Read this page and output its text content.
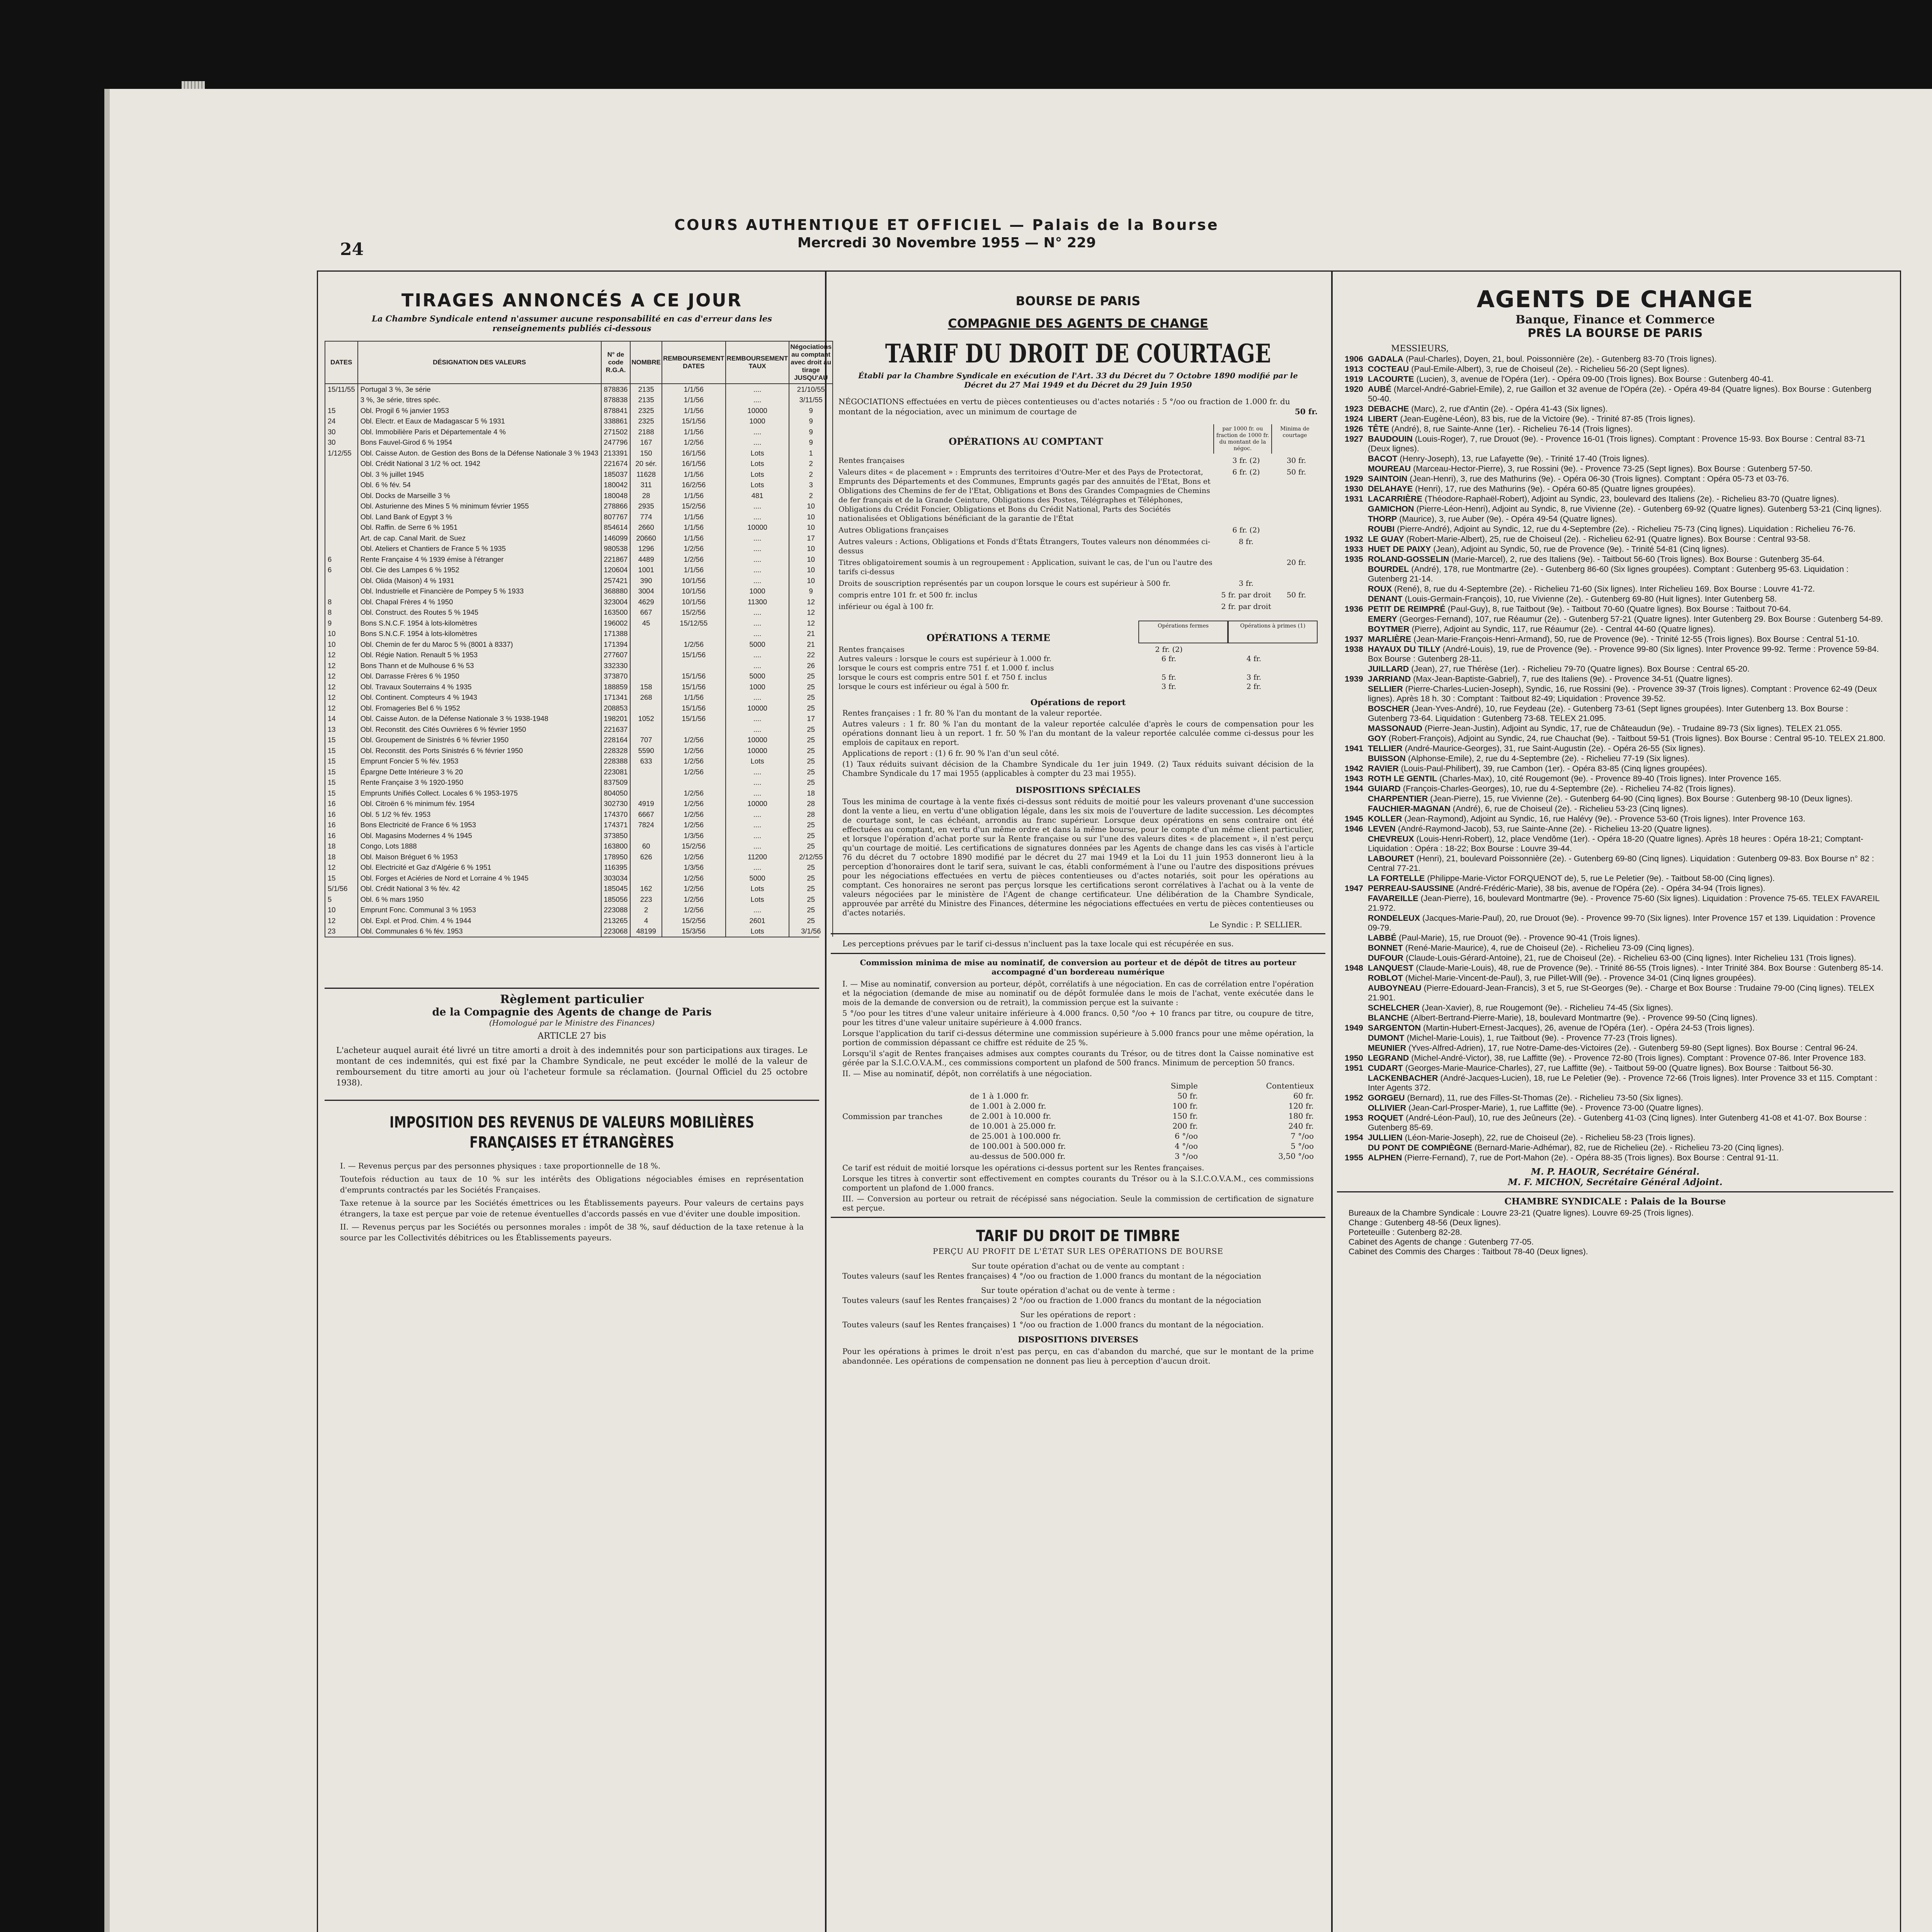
COURS AUTHENTIQUE ET OFFICIEL — Palais de la Bourse
Mercredi 30 Novembre 1955 — N° 229
24
TIRAGES ANNONCÉS A CE JOUR
La Chambre Syndicale entend n'assumer aucune responsabilité en cas d'erreur dans les renseignements publiés ci-dessous
DATES	DÉSIGNATION DES VALEURS	N° de code R.G.A.	NOMBRE	REMBOURSEMENT DATES	REMBOURSEMENT TAUX	Négociations au comptant avec droit au tirage JUSQU'AU
15/11/55	Portugal 3 %, 3e série	878836	2135	1/1/56	....	21/10/55
	3 %, 3e série, titres spéc.	878838	2135	1/1/56	....	3/11/55
15	Obl. Progil 6 % janvier 1953	878841	2325	1/1/56	10000	9
24	Obl. Electr. et Eaux de Madagascar 5 % 1931	338861	2325	15/1/56	1000	9
30	Obl. Immobilière Paris et Départementale 4 %	271502	2188	1/1/56	....	9
30	Bons Fauvel-Girod 6 % 1954	247796	167	1/2/56	....	9
1/12/55	Obl. Caisse Auton. de Gestion des Bons de la Défense Nationale 3 % 1943	213391	150	16/1/56	Lots	1
	Obl. Crédit National 3 1/2 % oct. 1942	221674	20 sér.	16/1/56	Lots	2
	Obl. 3 % juillet 1945	185037	11628	1/1/56	Lots	2
	Obl. 6 % fév. 54	180042	311	16/2/56	Lots	3
	Obl. Docks de Marseille 3 %	180048	28	1/1/56	481	2
	Obl. Asturienne des Mines 5 % minimum février 1955	278866	2935	15/2/56	....	10
	Obl. Land Bank of Egypt 3 %	807767	774	1/1/56	....	10
	Obl. Raffin. de Serre 6 % 1951	854614	2660	1/1/56	10000	10
	Art. de cap. Canal Marit. de Suez	146099	20660	1/1/56	....	17
	Obl. Ateliers et Chantiers de France 5 % 1935	980538	1296	1/2/56	....	10
6	Rente Française 4 % 1939 émise à l'étranger	221867	4489	1/2/56	....	10
6	Obl. Cie des Lampes 6 % 1952	120604	1001	1/1/56	....	10
	Obl. Olida (Maison) 4 % 1931	257421	390	10/1/56	....	10
	Obl. Industrielle et Financière de Pompey 5 % 1933	368880	3004	10/1/56	1000	9
8	Obl. Chapal Frères 4 % 1950	323004	4629	10/1/56	11300	12
8	Obl. Construct. des Routes 5 % 1945	163500	667	15/2/56	....	12
9	Bons S.N.C.F. 1954 à lots-kilomètres	196002	45	15/12/55	....	12
10	Bons S.N.C.F. 1954 à lots-kilomètres	171388			....	21
10	Obl. Chemin de fer du Maroc 5 % (8001 à 8337)	171394		1/2/56	5000	21
12	Obl. Régie Nation. Renault 5 % 1953	277607		15/1/56	....	22
12	Bons Thann et de Mulhouse 6 % 53	332330			....	26
12	Obl. Darrasse Frères 6 % 1950	373870		15/1/56	5000	25
12	Obl. Travaux Souterrains 4 % 1935	188859	158	15/1/56	1000	25
12	Obl. Continent. Compteurs 4 % 1943	171341	268	1/1/56	....	25
12	Obl. Fromageries Bel 6 % 1952	208853		15/1/56	10000	25
14	Obl. Caisse Auton. de la Défense Nationale 3 % 1938-1948	198201	1052	15/1/56	....	17
13	Obl. Reconstit. des Cités Ouvrières 6 % février 1950	221637			....	25
15	Obl. Groupement de Sinistrés 6 % février 1950	228164	707	1/2/56	10000	25
15	Obl. Reconstit. des Ports Sinistrés 6 % février 1950	228328	5590	1/2/56	10000	25
15	Emprunt Foncier 5 % fév. 1953	228388	633	1/2/56	Lots	25
15	Épargne Dette Intérieure 3 % 20	223081		1/2/56	....	25
15	Rente Française 3 % 1920-1950	837509			....	25
15	Emprunts Unifiés Collect. Locales 6 % 1953-1975	804050		1/2/56	....	18
16	Obl. Citroën 6 % minimum fév. 1954	302730	4919	1/2/56	10000	28
16	Obl. 5 1/2 % fév. 1953	174370	6667	1/2/56	....	28
16	Bons Electricité de France 6 % 1953	174371	7824	1/2/56	....	25
16	Obl. Magasins Modernes 4 % 1945	373850		1/3/56	....	25
18	Congo, Lots 1888	163800	60	15/2/56	....	25
18	Obl. Maison Bréguet 6 % 1953	178950	626	1/2/56	11200	2/12/55
12	Obl. Electricité et Gaz d'Algérie 6 % 1951	116395		1/3/56	....	25
15	Obl. Forges et Aciéries de Nord et Lorraine 4 % 1945	303034		1/2/56	5000	25
5/1/56	Obl. Crédit National 3 % fév. 42	185045	162	1/2/56	Lots	25
5	Obl. 6 % mars 1950	185056	223	1/2/56	Lots	25
10	Emprunt Fonc. Communal 3 % 1953	223088	2	1/2/56	....	25
12	Obl. Expl. et Prod. Chim. 4 % 1944	213265	4	15/2/56	2601	25
23	Obl. Communales 6 % fév. 1953	223068	48199	15/3/56	Lots	3/1/56
Règlement particulier
de la Compagnie des Agents de change de Paris
(Homologué par le Ministre des Finances)
ARTICLE 27 bis
L'acheteur auquel aurait été livré un titre amorti a droit à des indemnités pour son participations aux tirages. Le montant de ces indemnités, qui est fixé par la Chambre Syndicale, ne peut excéder le mollé de la valeur de remboursement du titre amorti au jour où l'acheteur formule sa réclamation. (Journal Officiel du 25 octobre 1938).
IMPOSITION DES REVENUS DE VALEURS MOBILIÈRES FRANÇAISES ET ÉTRANGÈRES
I. — Revenus perçus par des personnes physiques : taxe proportionnelle de 18 %.
Toutefois réduction au taux de 10 % sur les intérêts des Obligations négociables émises en représentation d'emprunts contractés par les Sociétés Françaises.
Taxe retenue à la source par les Sociétés émettrices ou les Établissements payeurs. Pour valeurs de certains pays étrangers, la taxe est perçue par voie de retenue éventuelles d'accords passés en vue d'éviter une double imposition.
II. — Revenus perçus par les Sociétés ou personnes morales : impôt de 38 %, sauf déduction de la taxe retenue à la source par les Collectivités débitrices ou les Établissements payeurs.
BOURSE DE PARIS
COMPAGNIE DES AGENTS DE CHANGE
TARIF DU DROIT DE COURTAGE
Établi par la Chambre Syndicale en exécution de l'Art. 33 du Décret du 7 Octobre 1890 modifié par le Décret du 27 Mai 1949 et du Décret du 29 Juin 1950
NÉGOCIATIONS effectuées en vertu de pièces contentieuses ou d'actes notariés : 5 °/oo ou fraction de 1.000 fr. du montant de la négociation, avec un minimum de courtage de	50 fr.
OPÉRATIONS AU COMPTANT
par 1000 fr. ou fraction de 1000 fr. du montant de la négoc.
Minima de courtage
Rentes françaises	3 fr. (2)	30 fr.
Valeurs dites « de placement » : Emprunts des territoires d'Outre-Mer et des Pays de Protectorat, Emprunts des Départements et des Communes, Emprunts gagés par des annuités de l'Etat, Bons et Obligations des Chemins de fer de l'Etat, Obligations et Bons des Grandes Compagnies de Chemins de fer français et de la Grande Ceinture, Obligations des Postes, Télégraphes et Téléphones, Obligations du Crédit Foncier, Obligations et Bons du Crédit National, Parts des Sociétés nationalisées et Obligations bénéficiant de la garantie de l'État
6 fr. (2)	50 fr.
Autres Obligations françaises	6 fr. (2)
Autres valeurs : Actions, Obligations et Fonds d'États Étrangers, Toutes valeurs non dénommées ci-dessus
8 fr.
Titres obligatoirement soumis à un regroupement : Application, suivant le cas, de l'un ou l'autre des tarifs ci-dessus
20 fr.
Droits de souscription représentés par un coupon lorsque le cours est supérieur à 500 fr.	3 fr.
compris entre 101 fr. et 500 fr. inclus	5 fr. par droit	50 fr.
inférieur ou égal à 100 fr.	2 fr. par droit
OPÉRATIONS A TERME
Opérations fermes	Opérations à primes (1)
Rentes françaises	2 fr. (2)
Autres valeurs : lorsque le cours est supérieur à 1.000 fr.	6 fr.	4 fr.
lorsque le cours est compris entre 751 f. et 1.000 f. inclus
lorsque le cours est compris entre 501 f. et 750 f. inclus	5 fr.	3 fr.
lorsque le cours est inférieur ou égal à 500 fr.	3 fr.	2 fr.
Opérations de report
Rentes françaises : 1 fr. 80 % l'an du montant de la valeur reportée.
Autres valeurs : 1 fr. 80 % l'an du montant de la valeur reportée calculée d'après le cours de compensation pour les opérations donnant lieu à un report. 1 fr. 50 % l'an du montant de la valeur reportée calculée comme ci-dessus pour les emplois de capitaux en report.
Applications de report : (1) 6 fr. 90 % l'an d'un seul côté.
(1) Taux réduits suivant décision de la Chambre Syndicale du 1er juin 1949. (2) Taux réduits suivant décision de la Chambre Syndicale du 17 mai 1955 (applicables à compter du 23 mai 1955).
DISPOSITIONS SPÉCIALES
Tous les minima de courtage à la vente fixés ci-dessus sont réduits de moitié pour les valeurs provenant d'une succession dont la vente a lieu, en vertu d'une obligation légale, dans les six mois de l'ouverture de ladite succession. Les décomptes de courtage sont, le cas échéant, arrondis au franc supérieur. Lorsque deux opérations en sens contraire ont été effectuées au comptant, en vertu d'un même ordre et dans la même bourse, pour le compte d'un même client particulier, et lorsque l'opération d'achat porte sur la Rente française ou sur l'une des valeurs dites « de placement », il n'est perçu qu'un courtage de moitié. Les certifications de signatures données par les Agents de change dans les cas visés à l'article 76 du décret du 7 octobre 1890 modifié par le décret du 27 mai 1949 et la Loi du 11 juin 1953 donneront lieu à la perception d'honoraires dont le tarif sera, suivant le cas, établi conformément à l'une ou l'autre des dispositions prévues pour les négociations effectuées en vertu de pièces contentieuses ou d'actes notariés, soit pour les opérations au comptant. Ces honoraires ne seront pas perçus lorsque les certifications seront corrélatives à l'achat ou à la vente de valeurs négociées par le ministère de l'Agent de change certificateur. Une délibération de la Chambre Syndicale, approuvée par arrêté du Ministre des Finances, détermine les négociations effectuées en vertu de pièces contentieuses ou d'actes notariés.
Le Syndic : P. SELLIER.
Les perceptions prévues par le tarif ci-dessus n'incluent pas la taxe locale qui est récupérée en sus.
Commission minima de mise au nominatif, de conversion au porteur et de dépôt de titres au porteur accompagné d'un bordereau numérique
I. — Mise au nominatif, conversion au porteur, dépôt, corrélatifs à une négociation. En cas de corrélation entre l'opération et la négociation (demande de mise au nominatif ou de dépôt formulée dans le mois de l'achat, vente exécutée dans le mois de la demande de conversion ou de retrait), la commission perçue est la suivante :
5 °/oo pour les titres d'une valeur unitaire inférieure à 4.000 francs. 0,50 °/oo + 10 francs par titre, ou coupure de titre, pour les titres d'une valeur unitaire supérieure à 4.000 francs.
Lorsque l'application du tarif ci-dessus détermine une commission supérieure à 5.000 francs pour une même opération, la portion de commission dépassant ce chiffre est réduite de 25 %.
Lorsqu'il s'agit de Rentes françaises admises aux comptes courants du Trésor, ou de titres dont la Caisse nominative est gérée par la S.I.C.O.V.A.M., ces commissions comportent un plafond de 500 francs. Minimum de perception 50 francs.
II. — Mise au nominatif, dépôt, non corrélatifs à une négociation.
Commission par tranches
Simple	Contentieux
de 1 à 1.000 fr.	50 fr.	60 fr.
de 1.001 à 2.000 fr.	100 fr.	120 fr.
de 2.001 à 10.000 fr.	150 fr.	180 fr.
de 10.001 à 25.000 fr.	200 fr.	240 fr.
de 25.001 à 100.000 fr.	6 °/oo	7 °/oo
de 100.001 à 500.000 fr.	4 °/oo	5 °/oo
au-dessus de 500.000 fr.	3 °/oo	3,50 °/oo
Ce tarif est réduit de moitié lorsque les opérations ci-dessus portent sur les Rentes françaises.
Lorsque les titres à convertir sont effectivement en comptes courants du Trésor ou à la S.I.C.O.V.A.M., ces commissions comportent un plafond de 1.000 francs.
III. — Conversion au porteur ou retrait de récépissé sans négociation. Seule la commission de certification de signature est perçue.
TARIF DU DROIT DE TIMBRE
PERÇU AU PROFIT DE L'ÉTAT SUR LES OPÉRATIONS DE BOURSE
Sur toute opération d'achat ou de vente au comptant :
Toutes valeurs (sauf les Rentes françaises) 4 °/oo ou fraction de 1.000 francs du montant de la négociation
Sur toute opération d'achat ou de vente à terme :
Toutes valeurs (sauf les Rentes françaises) 2 °/oo ou fraction de 1.000 francs du montant de la négociation
Sur les opérations de report :
Toutes valeurs (sauf les Rentes françaises) 1 °/oo ou fraction de 1.000 francs du montant de la négociation.
DISPOSITIONS DIVERSES
Pour les opérations à primes le droit n'est pas perçu, en cas d'abandon du marché, que sur le montant de la prime abandonnée. Les opérations de compensation ne donnent pas lieu à perception d'aucun droit.
AGENTS DE CHANGE
Banque, Finance et Commerce
PRÈS LA BOURSE DE PARIS
MESSIEURS,
1906 GADALA (Paul-Charles), Doyen, 21, boul. Poissonnière (2e). - Gutenberg 83-70 (Trois lignes).
1913 COCTEAU (Paul-Emile-Albert), 3, rue de Choiseul (2e). - Richelieu 56-20 (Sept lignes).
1919 LACOURTE (Lucien), 3, avenue de l'Opéra (1er). - Opéra 09-00 (Trois lignes). Box Bourse : Gutenberg 40-41.
1920 AUBÉ (Marcel-André-Gabriel-Emile), 2, rue Gaillon et 32 avenue de l'Opéra (2e). - Opéra 49-84 (Quatre lignes). Box Bourse : Gutenberg 50-40.
1923 DEBACHE (Marc), 2, rue d'Antin (2e). - Opéra 41-43 (Six lignes).
1924 LIBERT (Jean-Eugène-Léon), 83 bis, rue de la Victoire (9e). - Trinité 87-85 (Trois lignes).
1926 TÊTE (André), 8, rue Sainte-Anne (1er). - Richelieu 76-14 (Trois lignes).
1927 BAUDOUIN (Louis-Roger), 7, rue Drouot (9e). - Provence 16-01 (Trois lignes). Comptant : Provence 15-93. Box Bourse : Central 83-71 (Deux lignes).
BACOT (Henry-Joseph), 13, rue Lafayette (9e). - Trinité 17-40 (Trois lignes).
MOUREAU (Marceau-Hector-Pierre), 3, rue Rossini (9e). - Provence 73-25 (Sept lignes). Box Bourse : Gutenberg 57-50.
1929 SAINTOIN (Jean-Henri), 3, rue des Mathurins (9e). - Opéra 06-30 (Trois lignes). Comptant : Opéra 05-73 et 03-76.
1930 DELAHAYE (Henri), 17, rue des Mathurins (9e). - Opéra 60-85 (Quatre lignes groupées).
1931 LACARRIÈRE (Théodore-Raphaël-Robert), Adjoint au Syndic, 23, boulevard des Italiens (2e). - Richelieu 83-70 (Quatre lignes).
GAMICHON (Pierre-Léon-Henri), Adjoint au Syndic, 8, rue Vivienne (2e). - Gutenberg 69-92 (Quatre lignes). Gutenberg 53-21 (Cinq lignes).
THORP (Maurice), 3, rue Auber (9e). - Opéra 49-54 (Quatre lignes).
ROUBI (Pierre-André), Adjoint au Syndic, 12, rue du 4-Septembre (2e). - Richelieu 75-73 (Cinq lignes). Liquidation : Richelieu 76-76.
1932 LE GUAY (Robert-Marie-Albert), 25, rue de Choiseul (2e). - Richelieu 62-91 (Quatre lignes). Box Bourse : Central 93-58.
1933 HUET DE PAIXY (Jean), Adjoint au Syndic, 50, rue de Provence (9e). - Trinité 54-81 (Cinq lignes).
1935 ROLAND-GOSSELIN (Marie-Marcel), 2, rue des Italiens (9e). - Taitbout 56-60 (Trois lignes). Box Bourse : Gutenberg 35-64.
BOURDEL (André), 178, rue Montmartre (2e). - Gutenberg 86-60 (Six lignes groupées). Comptant : Gutenberg 95-63. Liquidation : Gutenberg 21-14.
ROUX (René), 8, rue du 4-Septembre (2e). - Richelieu 71-60 (Six lignes). Inter Richelieu 169. Box Bourse : Louvre 41-72.
DENANT (Louis-Germain-François), 10, rue Vivienne (2e). - Gutenberg 69-80 (Huit lignes). Inter Gutenberg 58.
1936 PETIT DE REIMPRÉ (Paul-Guy), 8, rue Taitbout (9e). - Taitbout 70-60 (Quatre lignes). Box Bourse : Taitbout 70-64.
EMERY (Georges-Fernand), 107, rue Réaumur (2e). - Gutenberg 57-21 (Quatre lignes). Inter Gutenberg 29. Box Bourse : Gutenberg 54-89.
BOYTMER (Pierre), Adjoint au Syndic, 117, rue Réaumur (2e). - Central 44-60 (Quatre lignes).
1937 MARLIÈRE (Jean-Marie-François-Henri-Armand), 50, rue de Provence (9e). - Trinité 12-55 (Trois lignes). Box Bourse : Central 51-10.
1938 HAYAUX DU TILLY (André-Louis), 19, rue de Provence (9e). - Provence 99-80 (Six lignes). Inter Provence 99-92. Terme : Provence 59-84. Box Bourse : Gutenberg 28-11.
JUILLARD (Jean), 27, rue Thérèse (1er). - Richelieu 79-70 (Quatre lignes). Box Bourse : Central 65-20.
1939 JARRIAND (Max-Jean-Baptiste-Gabriel), 7, rue des Italiens (9e). - Provence 34-51 (Quatre lignes).
SELLIER (Pierre-Charles-Lucien-Joseph), Syndic, 16, rue Rossini (9e). - Provence 39-37 (Trois lignes). Comptant : Provence 62-49 (Deux lignes). Après 18 h. 30 : Comptant : Taitbout 82-49; Liquidation : Provence 39-52.
BOSCHER (Jean-Yves-André), 10, rue Feydeau (2e). - Gutenberg 73-61 (Sept lignes groupées). Inter Gutenberg 13. Box Bourse : Gutenberg 73-64. Liquidation : Gutenberg 73-68. TELEX 21.095.
MASSONAUD (Pierre-Jean-Justin), Adjoint au Syndic, 17, rue de Châteaudun (9e). - Trudaine 89-73 (Six lignes). TELEX 21.055.
GOY (Robert-François), Adjoint au Syndic, 24, rue Chauchat (9e). - Taitbout 59-51 (Trois lignes). Box Bourse : Central 95-10. TELEX 21.800.
1941 TELLIER (André-Maurice-Georges), 31, rue Saint-Augustin (2e). - Opéra 26-55 (Six lignes).
BUISSON (Alphonse-Emile), 2, rue du 4-Septembre (2e). - Richelieu 77-19 (Six lignes).
1942 RAVIER (Louis-Paul-Philibert), 39, rue Cambon (1er). - Opéra 83-85 (Cinq lignes groupées).
1943 ROTH LE GENTIL (Charles-Max), 10, cité Rougemont (9e). - Provence 89-40 (Trois lignes). Inter Provence 165.
1944 GUIARD (François-Charles-Georges), 10, rue du 4-Septembre (2e). - Richelieu 74-82 (Trois lignes).
CHARPENTIER (Jean-Pierre), 15, rue Vivienne (2e). - Gutenberg 64-90 (Cinq lignes). Box Bourse : Gutenberg 98-10 (Deux lignes).
FAUCHIER-MAGNAN (André), 6, rue de Choiseul (2e). - Richelieu 53-23 (Cinq lignes).
1945 KOLLER (Jean-Raymond), Adjoint au Syndic, 16, rue Halévy (9e). - Provence 53-60 (Trois lignes). Inter Provence 163.
1946 LEVEN (André-Raymond-Jacob), 53, rue Sainte-Anne (2e). - Richelieu 13-20 (Quatre lignes).
CHEVREUX (Louis-Henri-Robert), 12, place Vendôme (1er). - Opéra 18-20 (Quatre lignes). Après 18 heures : Opéra 18-21; Comptant-Liquidation : Opéra : 18-22; Box Bourse : Louvre 39-44.
LABOURET (Henri), 21, boulevard Poissonnière (2e). - Gutenberg 69-80 (Cinq lignes). Liquidation : Gutenberg 09-83. Box Bourse n° 82 : Central 77-21.
LA FORTELLE (Philippe-Marie-Victor FORQUENOT de), 5, rue Le Peletier (9e). - Taitbout 58-00 (Cinq lignes).
1947 PERREAU-SAUSSINE (André-Frédéric-Marie), 38 bis, avenue de l'Opéra (2e). - Opéra 34-94 (Trois lignes).
FAVAREILLE (Jean-Pierre), 16, boulevard Montmartre (9e). - Provence 75-60 (Six lignes). Liquidation : Provence 75-65. TELEX FAVAREIL 21.972.
RONDELEUX (Jacques-Marie-Paul), 20, rue Drouot (9e). - Provence 99-70 (Six lignes). Inter Provence 157 et 139. Liquidation : Provence 09-79.
LABBÉ (Paul-Marie), 15, rue Drouot (9e). - Provence 90-41 (Trois lignes).
BONNET (René-Marie-Maurice), 4, rue de Choiseul (2e). - Richelieu 73-09 (Cinq lignes).
DUFOUR (Claude-Louis-Gérard-Antoine), 21, rue de Choiseul (2e). - Richelieu 63-00 (Cinq lignes). Inter Richelieu 131 (Trois lignes).
1948 LANQUEST (Claude-Marie-Louis), 48, rue de Provence (9e). - Trinité 86-55 (Trois lignes). - Inter Trinité 384. Box Bourse : Gutenberg 85-14.
ROBLOT (Michel-Marie-Vincent-de-Paul), 3, rue Pillet-Will (9e). - Provence 34-01 (Cinq lignes groupées).
AUBOYNEAU (Pierre-Edouard-Jean-Francis), 3 et 5, rue St-Georges (9e). - Charge et Box Bourse : Trudaine 79-00 (Cinq lignes). TELEX 21.901.
SCHELCHER (Jean-Xavier), 8, rue Rougemont (9e). - Richelieu 74-45 (Six lignes).
BLANCHE (Albert-Bertrand-Pierre-Marie), 18, boulevard Montmartre (9e). - Provence 99-50 (Cinq lignes).
1949 SARGENTON (Martin-Hubert-Ernest-Jacques), 26, avenue de l'Opéra (1er). - Opéra 24-53 (Trois lignes).
DUMONT (Michel-Marie-Louis), 1, rue Taitbout (9e). - Provence 77-23 (Trois lignes).
MEUNIER (Yves-Alfred-Adrien), 17, rue Notre-Dame-des-Victoires (2e). - Gutenberg 59-80 (Sept lignes). Box Bourse : Central 96-24.
1950 LEGRAND (Michel-André-Victor), 38, rue Laffitte (9e). - Provence 72-80 (Trois lignes). Comptant : Provence 07-86. Inter Provence 183.
1951 CUDART (Georges-Marie-Maurice-Charles), 27, rue Laffitte (9e). - Taitbout 59-00 (Quatre lignes). Box Bourse : Taitbout 56-30.
LACKENBACHER (André-Jacques-Lucien), 18, rue Le Peletier (9e). - Provence 72-66 (Trois lignes). Inter Provence 33 et 115. Comptant : Inter Agents 372.
1952 GORGEU (Bernard), 11, rue des Filles-St-Thomas (2e). - Richelieu 73-50 (Six lignes).
OLLIVIER (Jean-Carl-Prosper-Marie), 1, rue Laffitte (9e). - Provence 73-00 (Quatre lignes).
1953 ROQUET (André-Léon-Paul), 10, rue des Jeûneurs (2e). - Gutenberg 41-03 (Cinq lignes). Inter Gutenberg 41-08 et 41-07. Box Bourse : Gutenberg 85-69.
1954 JULLIEN (Léon-Marie-Joseph), 22, rue de Choiseul (2e). - Richelieu 58-23 (Trois lignes).
DU PONT DE COMPIÈGNE (Bernard-Marie-Adhémar), 82, rue de Richelieu (2e). - Richelieu 73-20 (Cinq lignes).
1955 ALPHEN (Pierre-Fernand), 7, rue de Port-Mahon (2e). - Opéra 88-35 (Trois lignes). Box Bourse : Central 91-11.
M. P. HAOUR, Secrétaire Général.
M. F. MICHON, Secrétaire Général Adjoint.
CHAMBRE SYNDICALE : Palais de la Bourse
Bureaux de la Chambre Syndicale : Louvre 23-21 (Quatre lignes). Louvre 69-25 (Trois lignes).
Change : Gutenberg 48-56 (Deux lignes).
Porteteuille : Gutenberg 82-28.
Cabinet des Agents de change : Gutenberg 77-05.
Cabinet des Commis des Charges : Taitbout 78-40 (Deux lignes).
